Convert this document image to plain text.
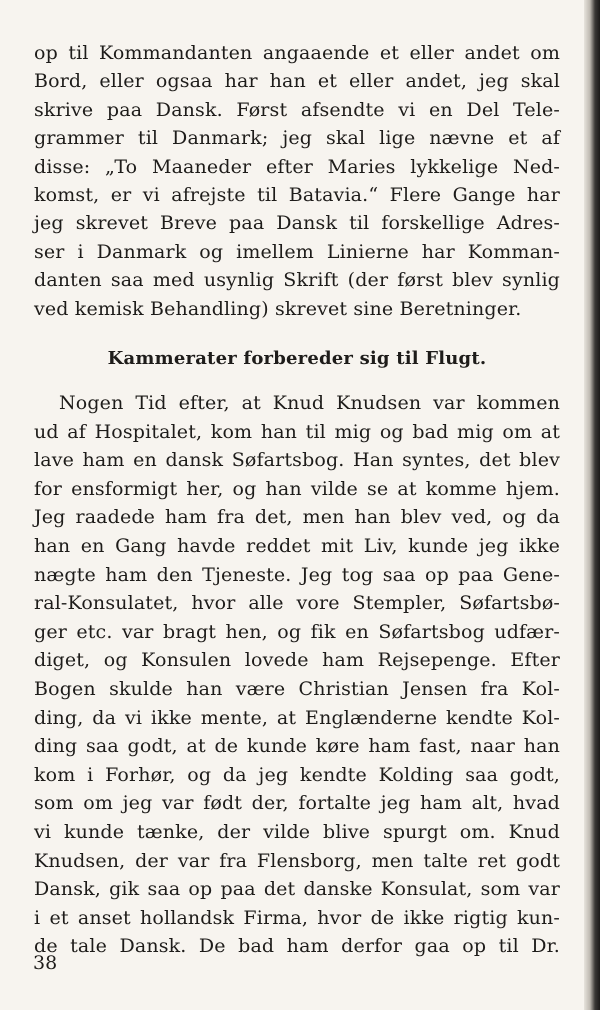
op til Kommandanten angaaende et eller andet om
Bord, eller ogsaa har han et eller andet, jeg skal
skrive paa Dansk. Først afsendte vi en Del Tele-
grammer til Danmark; jeg skal lige nævne et af
disse: „To Maaneder efter Maries lykkelige Ned-
komst, er vi afrejste til Batavia.“ Flere Gange har
jeg skrevet Breve paa Dansk til forskellige Adres-
ser i Danmark og imellem Linierne har Komman-
danten saa med usynlig Skrift (der først blev synlig
ved kemisk Behandling) skrevet sine Beretninger.
Kammerater forbereder sig til Flugt.
Nogen Tid efter, at Knud Knudsen var kommen
ud af Hospitalet, kom han til mig og bad mig om at
lave ham en dansk Søfartsbog. Han syntes, det blev
for ensformigt her, og han vilde se at komme hjem.
Jeg raadede ham fra det, men han blev ved, og da
han en Gang havde reddet mit Liv, kunde jeg ikke
nægte ham den Tjeneste. Jeg tog saa op paa Gene-
ral-Konsulatet, hvor alle vore Stempler, Søfartsbø-
ger etc. var bragt hen, og fik en Søfartsbog udfær-
diget, og Konsulen lovede ham Rejsepenge. Efter
Bogen skulde han være Christian Jensen fra Kol-
ding, da vi ikke mente, at Englænderne kendte Kol-
ding saa godt, at de kunde køre ham fast, naar han
kom i Forhør, og da jeg kendte Kolding saa godt,
som om jeg var født der, fortalte jeg ham alt, hvad
vi kunde tænke, der vilde blive spurgt om. Knud
Knudsen, der var fra Flensborg, men talte ret godt
Dansk, gik saa op paa det danske Konsulat, som var
i et anset hollandsk Firma, hvor de ikke rigtig kun-
de tale Dansk. De bad ham derfor gaa op til Dr.
38
